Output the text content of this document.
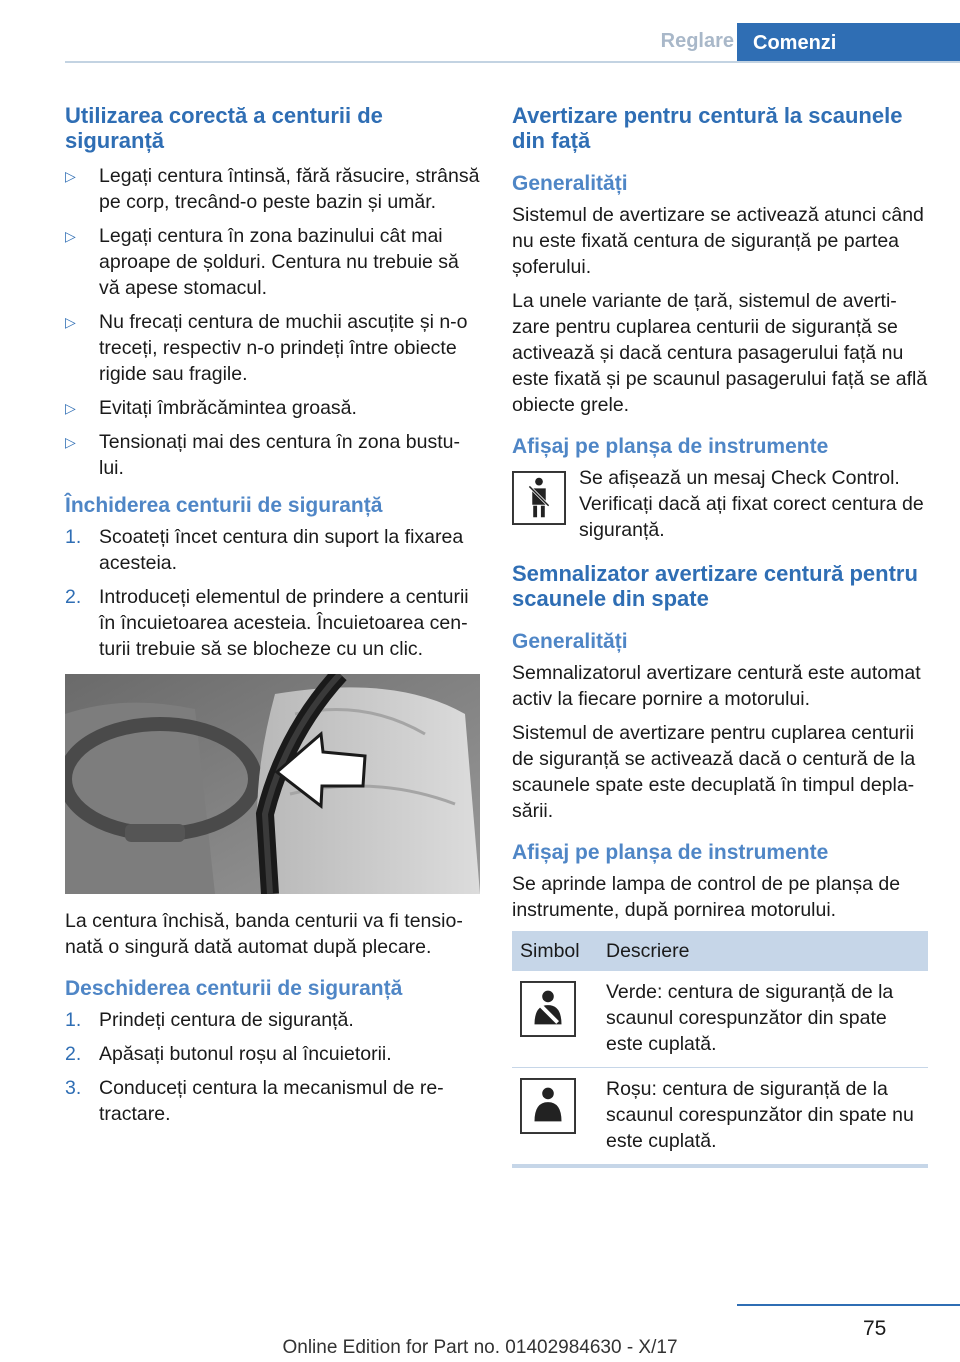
Reglare Comenzi
Utilizarea corectă a centurii de siguranță
▷ Legați centura întinsă, fără răsucire, strânsă pe corp, trecând-o peste bazin și umăr.
▷ Legați centura în zona bazinului cât mai aproape de șolduri. Centura nu trebuie să vă apese stomacul.
▷ Nu frecați centura de muchii ascuțite și n-o treceți, respectiv n-o prindeți între obiecte rigide sau fragile.
▷ Evitați îmbrăcămintea groasă.
▷ Tensionați mai des centura în zona bustu-lui.
Închiderea centurii de siguranță
1. Scoateți încet centura din suport la fixarea acesteia.
2. Introduceți elementul de prindere a centurii în încuietoarea acesteia. Încuietoarea cen-turii trebuie să se blocheze cu un clic.
La centura închisă, banda centurii va fi tensio-nată o singură dată automat după plecare.
Deschiderea centurii de siguranță
1. Prindeți centura de siguranță.
2. Apăsați butonul roșu al încuietorii.
3. Conduceți centura la mecanismul de re-tractare.
Avertizare pentru centură la scaunele din față
Generalități
Sistemul de avertizare se activează atunci când nu este fixată centura de siguranță pe partea șoferului.
La unele variante de țară, sistemul de averti-zare pentru cuplarea centurii de siguranță se activează și dacă centura pasagerului față nu este fixată și pe scaunul pasagerului față se află obiecte grele.
Afișaj pe planșa de instrumente
Se afișează un mesaj Check Control. Verificați dacă ați fixat corect centura de siguranță.
Semnalizator avertizare centură pentru scaunele din spate
Generalități
Semnalizatorul avertizare centură este automat activ la fiecare pornire a motorului.
Sistemul de avertizare pentru cuplarea centurii de siguranță se activează dacă o centură de la scaunele spate este decuplată în timpul depla-sării.
Afișaj pe planșa de instrumente
Se aprinde lampa de control de pe planșa de instrumente, după pornirea motorului.
Simbol	Descriere
	Verde: centura de siguranță de la scaunul corespunzător din spate este cuplată.
	Roșu: centura de siguranță de la scaunul corespunzător din spate nu este cuplată.
75
Online Edition for Part no. 01402984630 - X/17
